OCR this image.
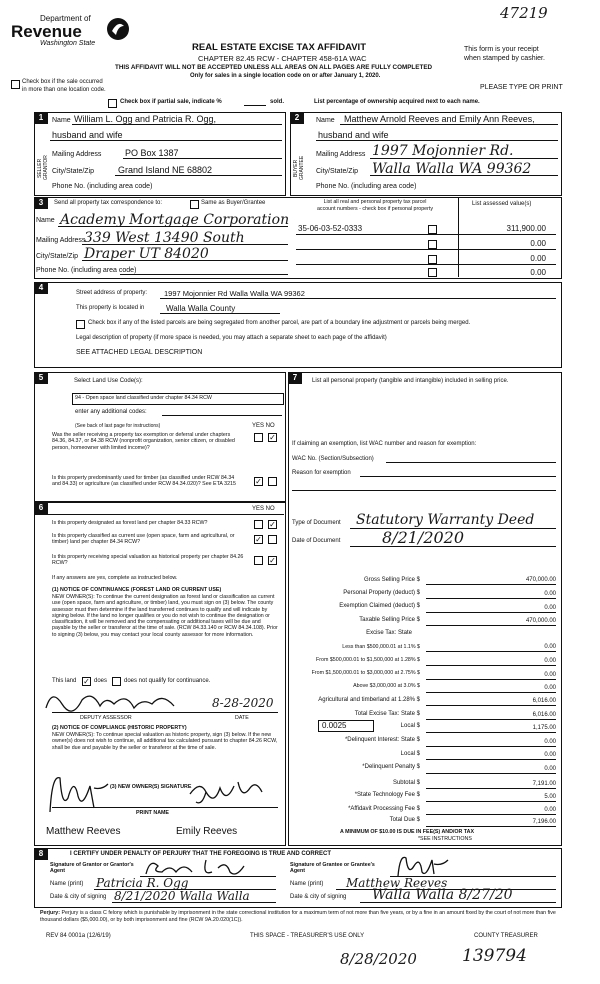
47219
Department of
Revenue
Washington State	REAL ESTATE EXCISE TAX AFFIDAVIT
CHAPTER 82.45 RCW - CHAPTER 458-61A WAC
This form is your receipt
when stamped by cashier.
THIS AFFIDAVIT WILL NOT BE ACCEPTED UNLESS ALL AREAS ON ALL PAGES ARE FULLY COMPLETED
Check box if the sale occurred
in more than one location code.
Only for sales in a single location code on or after January 1, 2020.
PLEASE TYPE OR PRINT
Check box if partial sale, indicate %	sold.	List percentage of ownership acquired next to each name.
1
SELLER GRANTOR
Name William L. Ogg and Patricia R. Ogg,
husband and wife
Mailing Address	PO Box 1387
City/State/Zip	Grand Island NE 68802
Phone No. (including area code)
2
BUYER GRANTEE
Name Matthew Arnold Reeves and Emily Ann Reeves,
husband and wife
Mailing Address 1997 Mojonnier Rd.
City/State/Zip Walla Walla WA 99362
Phone No. (including area code)
3	Send all property tax correspondence to:	Same as Buyer/Grantee
Name Academy Mortgage Corporation
Mailing Address
339 West 13490 South
City/State/Zip Draper UT 84020
Phone No. (including area code)
List all real and personal property tax parcel
account numbers - check box if personal property
List assessed value(s)
35-06-03-52-0333	311,900.00
0.00
0.00
0.00
4
Street address of property: 1997 Mojonnier Rd Walla Walla WA 99362
This property is located in	Walla Walla County
Check box if any of the listed parcels are being segregated from another parcel, are part of a boundary line adjustment or parcels being merged.
Legal description of property (if more space is needed, you may attach a separate sheet to each page of the affidavit)
SEE ATTACHED LEGAL DESCRIPTION
5	Select Land Use Code(s):
94 - Open space land classified under chapter 84.34 RCW
enter any additional codes:
(See back of last page for instructions)	YES NO
Was the seller receiving a property tax exemption or deferral under chapters 84.36, 84.37, or 84.38 RCW (nonprofit organization, senior citizen, or disabled person, homeowner with limited income)?
✓
Is this property predominantly used for timber (as classified under RCW 84.34 and 84.33) or agriculture (as classified under RCW 84.34.020)? See ETA 3215	✓
6	YES NO
Is this property designated as forest land per chapter 84.33 RCW?	✓
Is this property classified as current use (open space, farm and agricultural, or timber) land per chapter 84.34 RCW?	✓
Is this property receiving special valuation as historical property per chapter 84.26 RCW?	✓
If any answers are yes, complete as instructed below.
(1) NOTICE OF CONTINUANCE (FOREST LAND OR CURRENT USE)
NEW OWNER(S): To continue the current designation as forest land or classification as current use (open space, farm and agriculture, or timber) land, you must sign on (3) below. The county assessor must then determine if the land transferred continues to qualify and will indicate by signing below. If the land no longer qualifies or you do not wish to continue the designation or classification, it will be removed and the compensating or additional taxes will be due and payable by the seller or transferor at the time of sale. (RCW 84.33.140 or RCW 84.34.108). Prior to signing (3) below, you may contact your local county assessor for more information.
This land ✓ does	does not qualify for continuance.
8-28-2020
DEPUTY ASSESSOR	DATE
(2) NOTICE OF COMPLIANCE (HISTORIC PROPERTY)
NEW OWNER(S): To continue special valuation as historic property, sign (3) below. If the new owner(s) does not wish to continue, all additional tax calculated pursuant to chapter 84.26 RCW, shall be due and payable by the seller or transferor at the time of sale.
(3) NEW OWNER(S) SIGNATURE
PRINT NAME
Matthew Reeves	Emily Reeves
7	List all personal property (tangible and intangible) included in selling price.
If claiming an exemption, list WAC number and reason for exemption:
WAC No. (Section/Subsection)
Reason for exemption
Type of Document Statutory Warranty Deed
Date of Document	8/21/2020
Gross Selling Price $	470,000.00
Personal Property (deduct) $	0.00
Exemption Claimed (deduct) $	0.00
Taxable Selling Price $	470,000.00
Excise Tax: State
Less than $500,000.01 at 1.1% $	0.00
From $500,000.01 to $1,500,000 at 1.28% $	0.00
From $1,500,000.01 to $3,000,000 at 2.75% $	0.00
Above $3,000,000 at 3.0% $	0.00
Agricultural and timberland at 1.28% $	6,016.00
Total Excise Tax: State $	6,016.00
0.0025	Local $	1,175.00
*Delinquent Interest: State $	0.00
Local $	0.00
*Delinquent Penalty $	0.00
Subtotal $	7,191.00
*State Technology Fee $	5.00
*Affidavit Processing Fee $	0.00
Total Due $	7,196.00
A MINIMUM OF $10.00 IS DUE IN FEE(S) AND/OR TAX
*SEE INSTRUCTIONS
8	I CERTIFY UNDER PENALTY OF PERJURY THAT THE FOREGOING IS TRUE AND CORRECT
Signature of Grantor or Grantor's Agent
Signature of Grantee or Grantee's Agent
Name (print) Patricia R. Ogg	Name (print) Matthew Reeves
Date & city of signing 8/21/2020 Walla Walla	Date & city of signing Walla Walla 8/27/20
Perjury: Perjury is a class C felony which is punishable by imprisonment in the state correctional institution for a maximum term of not more than five years, or by a fine in an amount fixed by the court of not more than five thousand dollars ($5,000.00), or by both imprisonment and fine (RCW 9A.20.020(1C)).
REV 84 0001a (12/6/19)	THIS SPACE - TREASURER'S USE ONLY	COUNTY TREASURER
8/28/2020	139794
